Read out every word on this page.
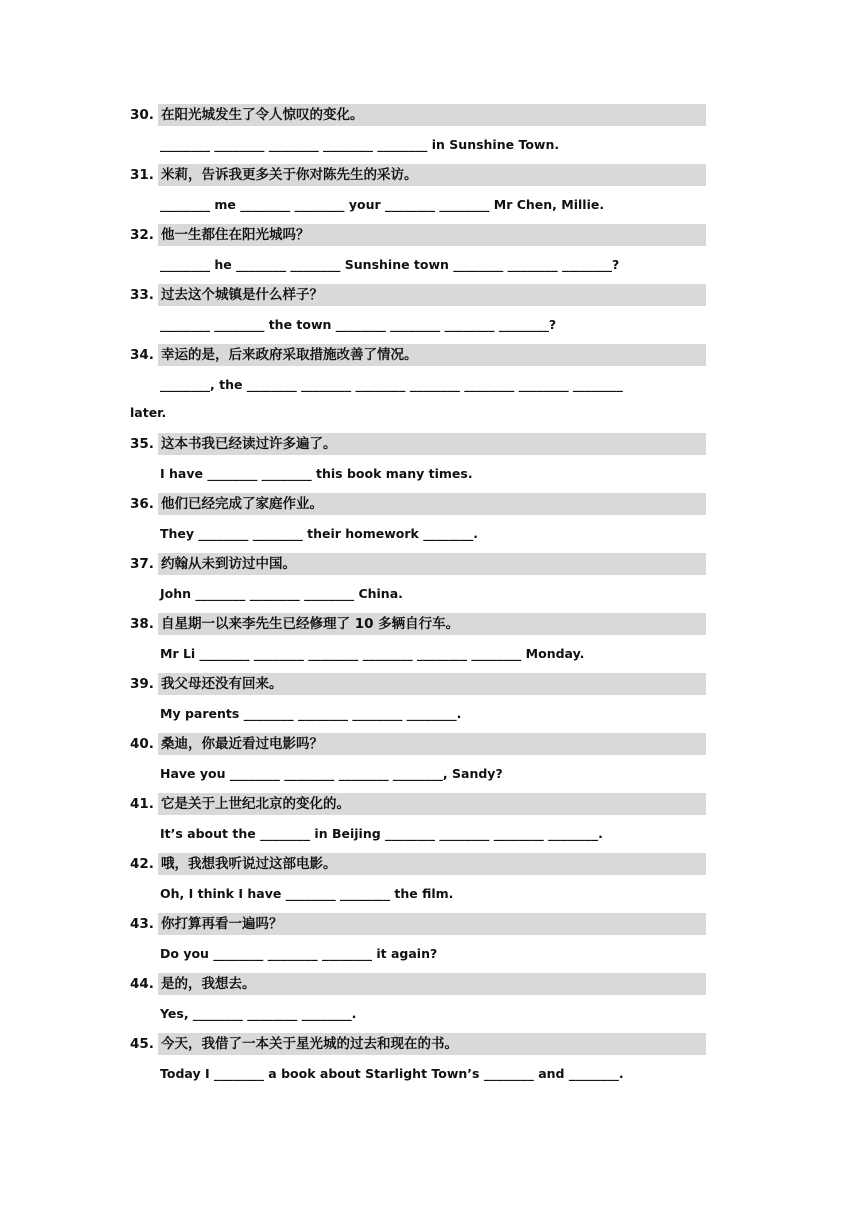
30. 在阳光城发生了令人惊叹的变化。
________ ________ ________ ________ ________ in Sunshine Town.
31. 米莉，告诉我更多关于你对陈先生的采访。
________ me ________ ________ your ________ ________ Mr Chen, Millie.
32. 他一生都住在阳光城吗？
________ he ________ ________ Sunshine town ________ ________ ________?
33. 过去这个城镇是什么样子？
________ ________ the town ________ ________ ________ ________?
34. 幸运的是，后来政府采取措施改善了情况。
________, the ________ ________ ________ ________ ________ ________ ________
later.
35. 这本书我已经读过许多遍了。
I have ________ ________ this book many times.
36. 他们已经完成了家庭作业。
They ________ ________ their homework ________.
37. 约翰从未到访过中国。
John ________ ________ ________ China.
38. 自星期一以来李先生已经修理了 10 多辆自行车。
Mr Li ________ ________ ________ ________ ________ ________ Monday.
39. 我父母还没有回来。
My parents ________ ________ ________ ________.
40. 桑迪，你最近看过电影吗？
Have you ________ ________ ________ ________, Sandy?
41. 它是关于上世纪北京的变化的。
It’s about the ________ in Beijing ________ ________ ________ ________.
42. 哦，我想我听说过这部电影。
Oh, I think I have ________ ________ the film.
43. 你打算再看一遍吗？
Do you ________ ________ ________ it again?
44. 是的，我想去。
Yes, ________ ________ ________.
45. 今天，我借了一本关于星光城的过去和现在的书。
Today I ________ a book about Starlight Town’s ________ and ________.
